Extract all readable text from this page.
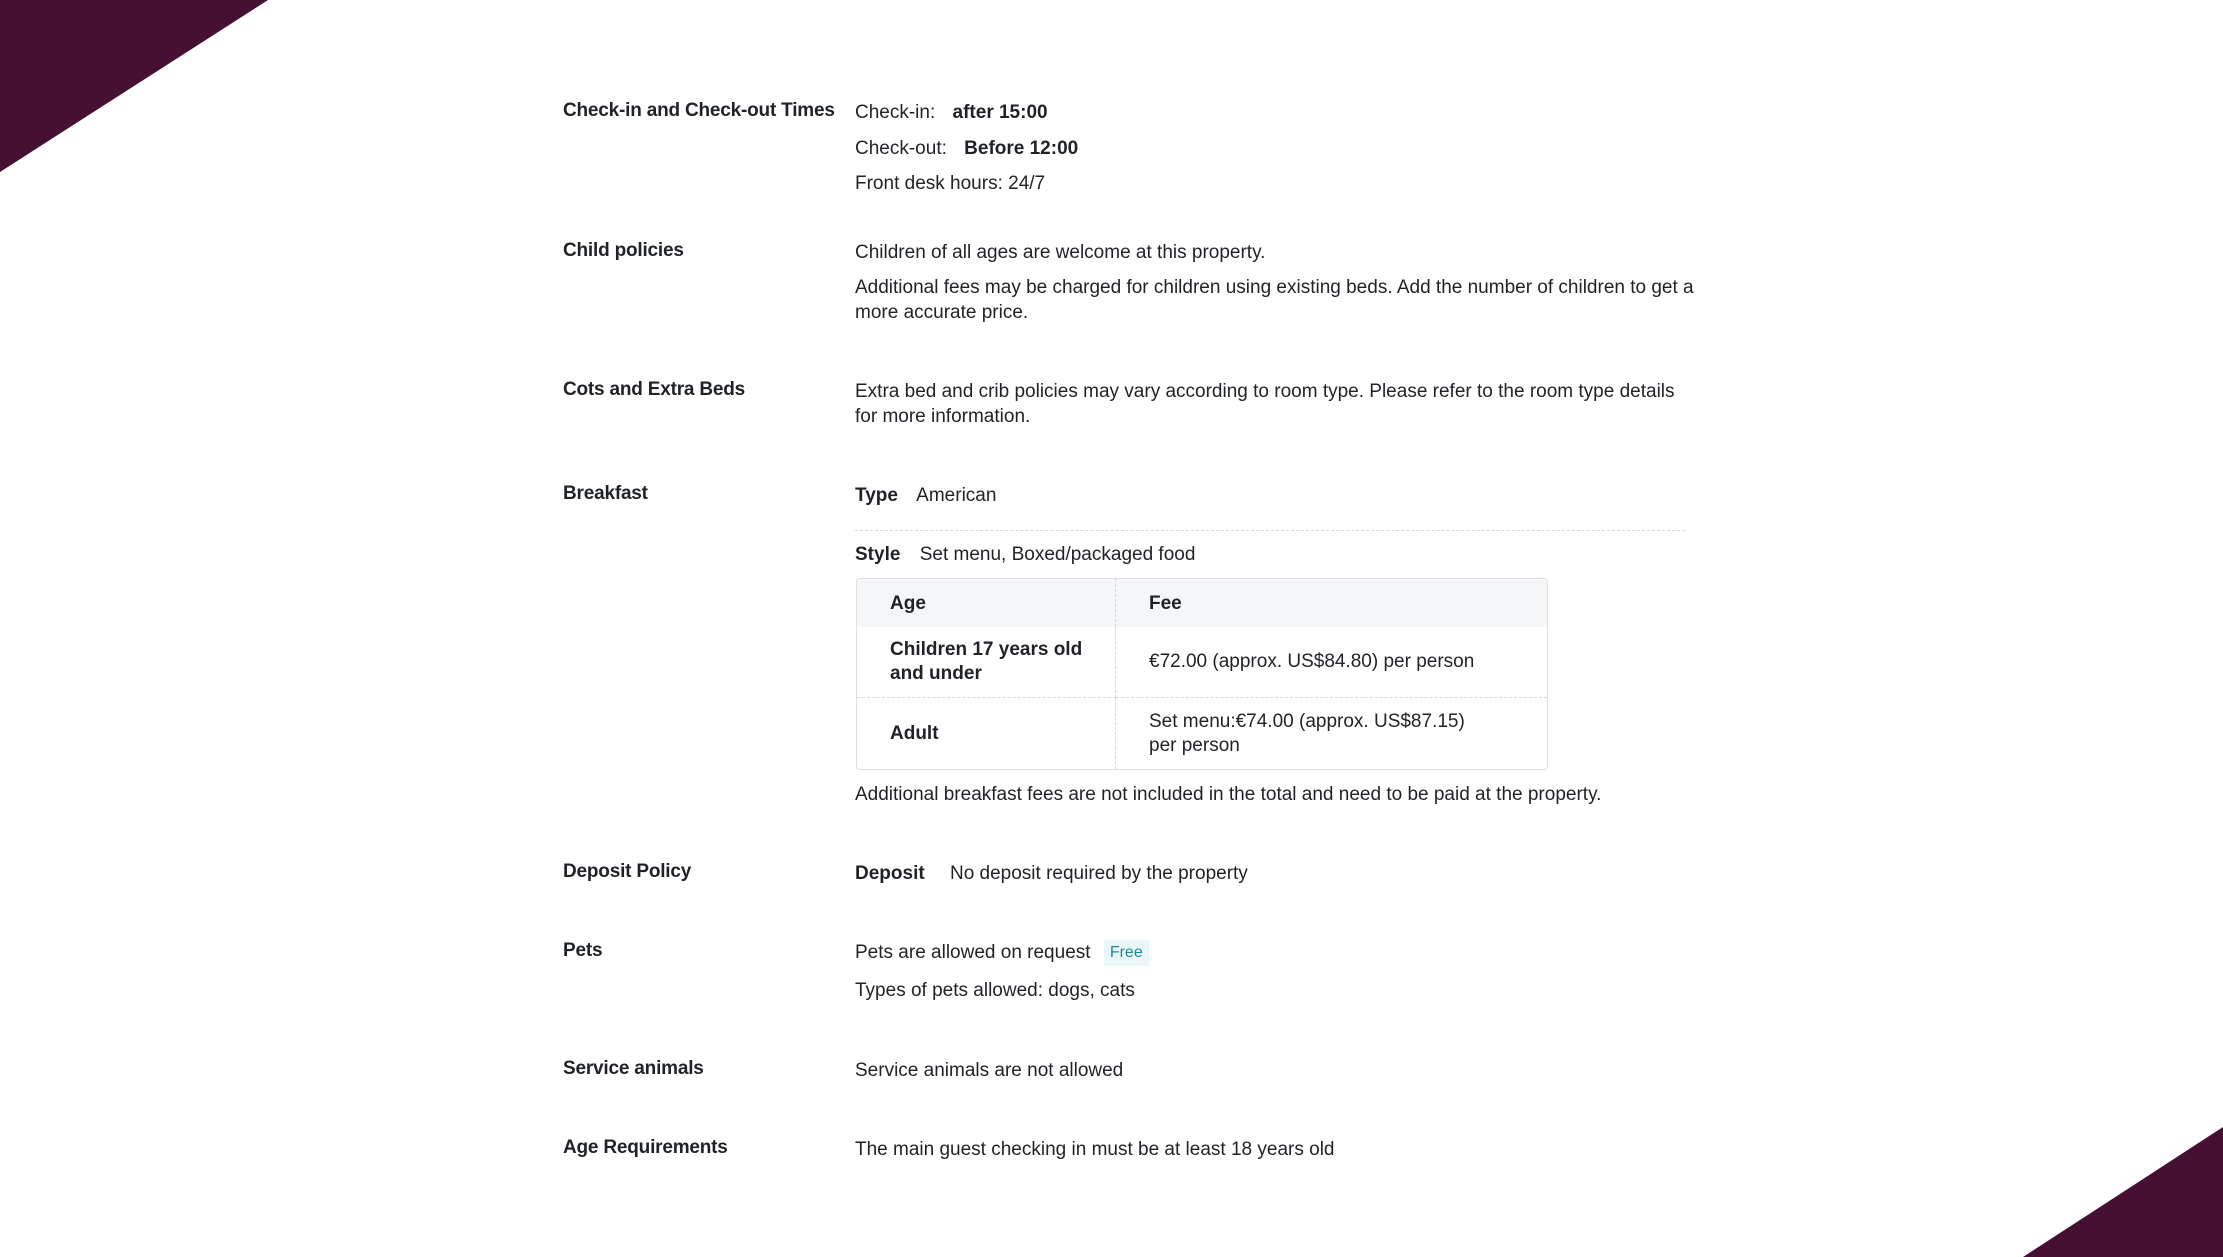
Check-in and Check-out Times	Check-in: after 15:00
Check-out: Before 12:00
Front desk hours: 24/7
Child policies	Children of all ages are welcome at this property.
Additional fees may be charged for children using existing beds. Add the number of children to get a more accurate price.
Cots and Extra Beds	Extra bed and crib policies may vary according to room type. Please refer to the room type details for more information.
Breakfast	Type American
Style Set menu, Boxed/packaged food
Age	Fee
Children 17 years old and under	€72.00 (approx. US$84.80) per person
Adult	Set menu:€74.00 (approx. US$87.15) per person
Additional breakfast fees are not included in the total and need to be paid at the property.
Deposit Policy	Deposit No deposit required by the property
Pets	Pets are allowed on request Free
Types of pets allowed: dogs, cats
Service animals	Service animals are not allowed
Age Requirements	The main guest checking in must be at least 18 years old
